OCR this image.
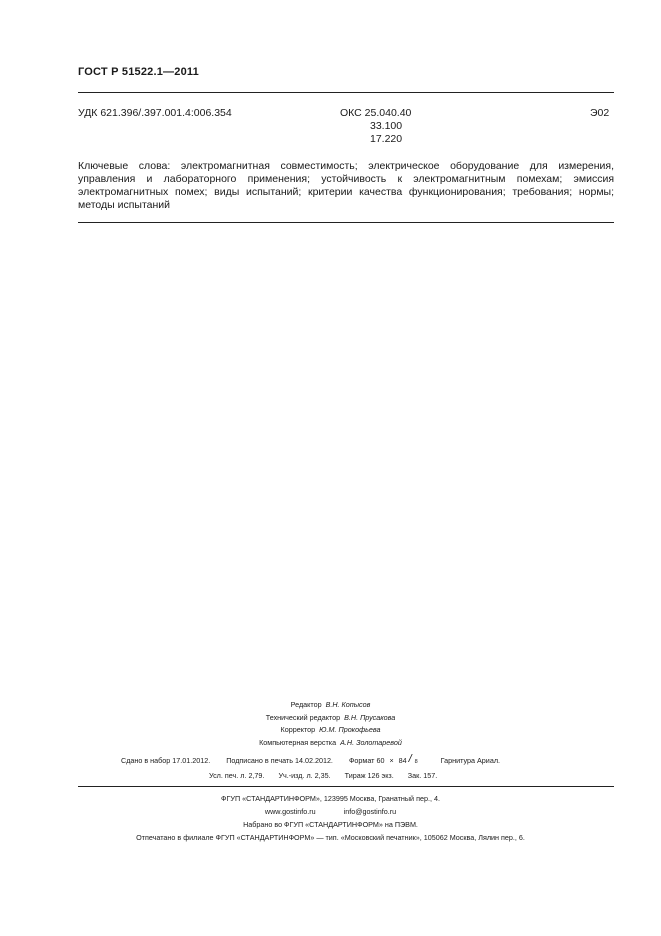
ГОСТ Р 51522.1—2011
УДК 621.396/.397.001.4:006.354	ОКС 25.040.40
33.100
17.220
Э02
Ключевые слова: электромагнитная совместимость; электрическое оборудование для измерения, управления и лабораторного применения; устойчивость к электромагнитным помехам; эмиссия электромагнитных помех; виды испытаний; критерии качества функционирования; требования; нормы; методы испытаний
Редактор В.Н. Копысов
Технический редактор В.Н. Прусакова
Корректор Ю.М. Прокофьева
Компьютерная верстка А.Н. Золотаревой
Сдано в набор 17.01.2012. Подписано в печать 14.02.2012. Формат 60 × 84 / 8	Гарнитура Ариал.
Усл. печ. л. 2,79. Уч.-изд. л. 2,35. Тираж 126 экз. Зак. 157.
ФГУП «СТАНДАРТИНФОРМ», 123995 Москва, Гранатный пер., 4.
www.gostinfo.ru	info@gostinfo.ru
Набрано во ФГУП «СТАНДАРТИНФОРМ» на ПЭВМ.
Отпечатано в филиале ФГУП «СТАНДАРТИНФОРМ» — тип. «Московский печатник», 105062 Москва, Лялин пер., 6.
